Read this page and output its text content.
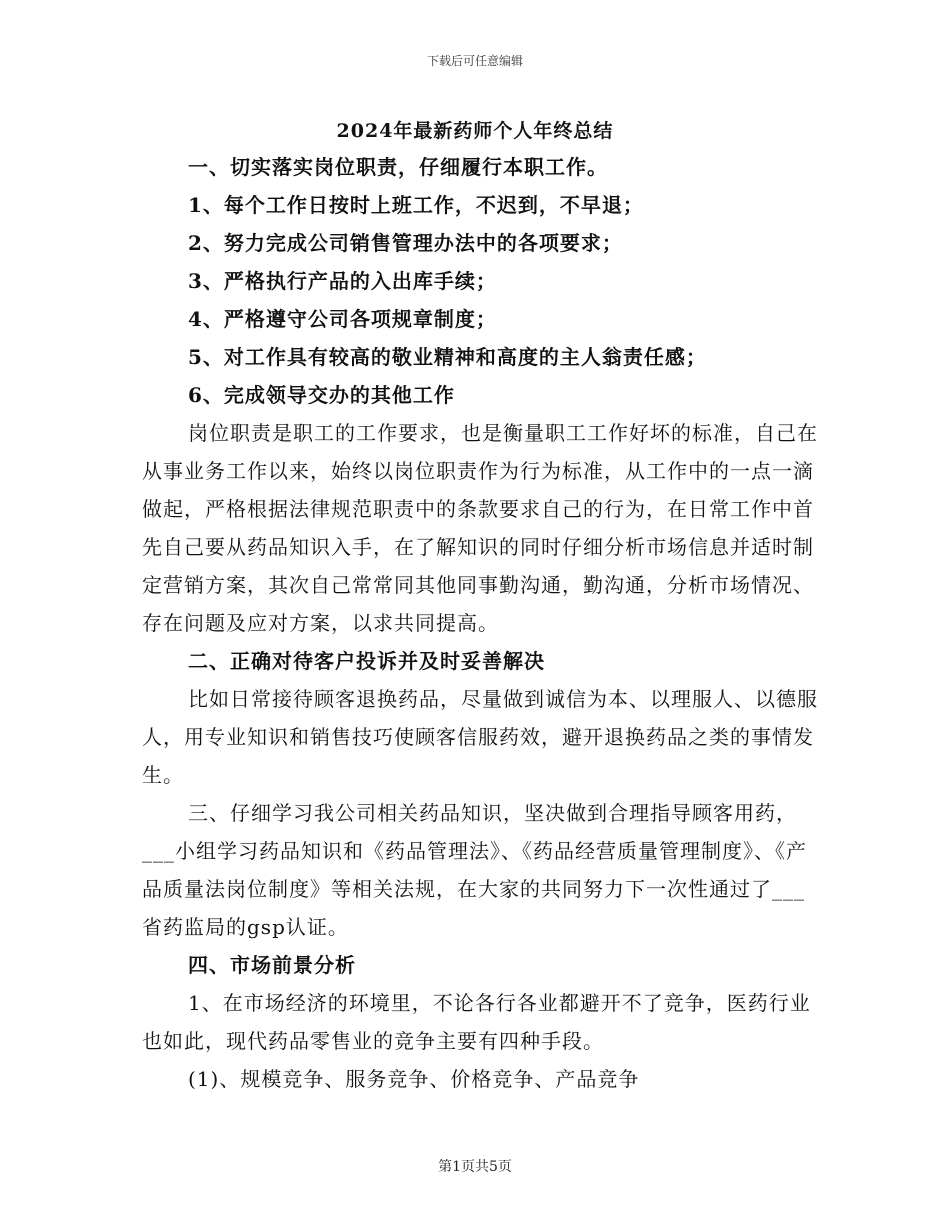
下载后可任意编辑
2024年最新药师个人年终总结

一、切实落实岗位职责，仔细履行本职工作。

1、每个工作日按时上班工作，不迟到，不早退；

2、努力完成公司销售管理办法中的各项要求；

3、严格执行产品的入出库手续；

4、严格遵守公司各项规章制度；

5、对工作具有较高的敬业精神和高度的主人翁责任感；

6、完成领导交办的其他工作

岗位职责是职工的工作要求，也是衡量职工工作好坏的标准，自己在从事业务工作以来，始终以岗位职责作为行为标准，从工作中的一点一滴做起，严格根据法律规范职责中的条款要求自己的行为，在日常工作中首先自己要从药品知识入手，在了解知识的同时仔细分析市场信息并适时制定营销方案，其次自己常常同其他同事勤沟通，勤沟通，分析市场情况、存在问题及应对方案，以求共同提高。

二、正确对待客户投诉并及时妥善解决

比如日常接待顾客退换药品，尽量做到诚信为本、以理服人、以德服人，用专业知识和销售技巧使顾客信服药效，避开退换药品之类的事情发生。

三、仔细学习我公司相关药品知识，坚决做到合理指导顾客用药，___小组学习药品知识和《药品管理法》、《药品经营质量管理制度》、《产品质量法岗位制度》等相关法规，在大家的共同努力下一次性通过了___省药监局的gsp认证。

四、市场前景分析

1、在市场经济的环境里，不论各行各业都避开不了竞争，医药行业也如此，现代药品零售业的竞争主要有四种手段。

(1)、规模竞争、服务竞争、价格竞争、产品竞争

第1页共5页
